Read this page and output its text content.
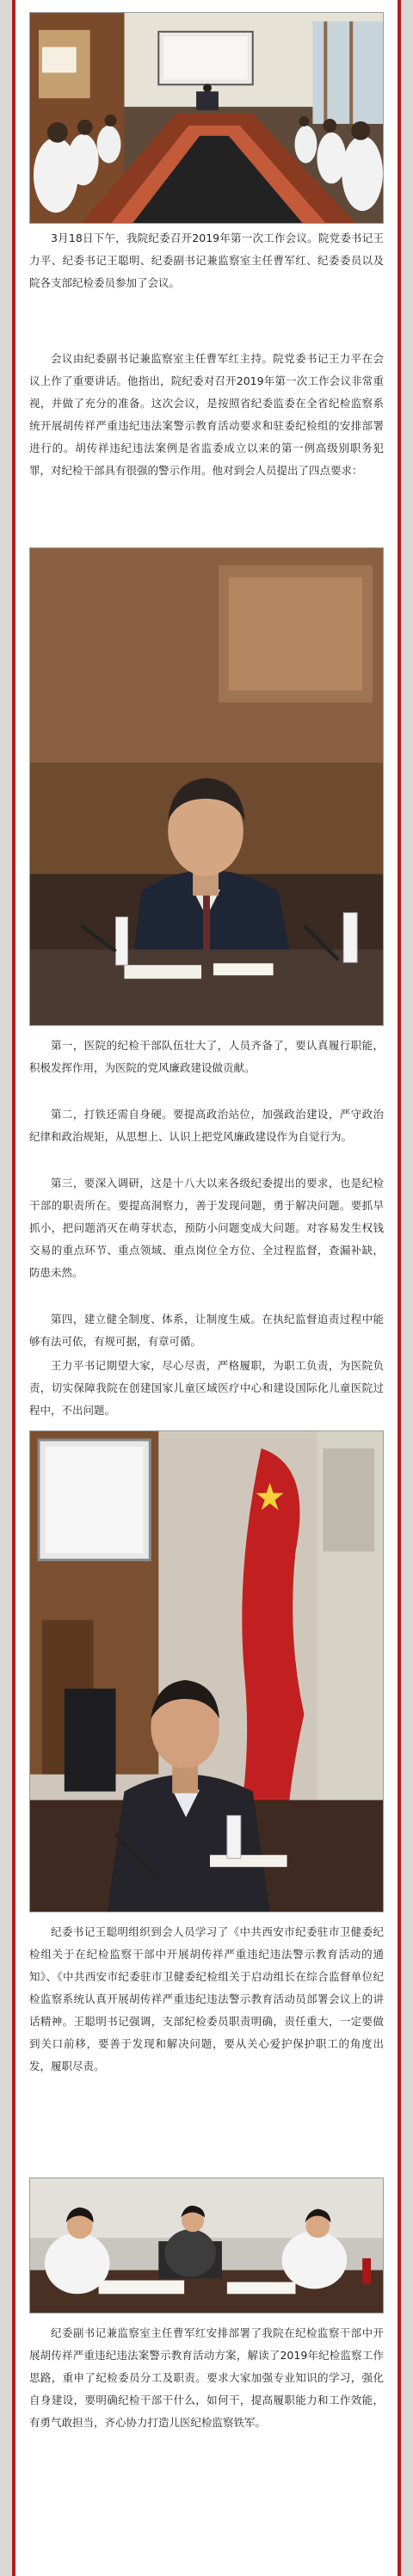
3月18日下午，我院纪委召开2019年第一次工作会议。院党委书记王力平、纪委书记王聪明、纪委副书记兼监察室主任曹军红、纪委委员以及院各支部纪检委员参加了会议。

会议由纪委副书记兼监察室主任曹军红主持。院党委书记王力平在会议上作了重要讲话。他指出，院纪委对召开2019年第一次工作会议非常重视，并做了充分的准备。这次会议，是按照省纪委监委在全省纪检监察系统开展胡传祥严重违纪违法案警示教育活动要求和驻委纪检组的安排部署进行的。胡传祥违纪违法案例是省监委成立以来的第一例高级别职务犯罪，对纪检干部具有很强的警示作用。他对到会人员提出了四点要求：

第一，医院的纪检干部队伍壮大了，人员齐备了，要认真履行职能，积极发挥作用，为医院的党风廉政建设做贡献。

第二，打铁还需自身硬。要提高政治站位，加强政治建设，严守政治纪律和政治规矩，从思想上、认识上把党风廉政建设作为自觉行为。

第三，要深入调研，这是十八大以来各级纪委提出的要求，也是纪检干部的职责所在。要提高洞察力，善于发现问题，勇于解决问题。要抓早抓小，把问题消灭在萌芽状态，预防小问题变成大问题。对容易发生权钱交易的重点环节、重点领域、重点岗位全方位、全过程监督，查漏补缺，防患未然。

第四，建立健全制度、体系，让制度生威。在执纪监督追责过程中能够有法可依，有规可据，有章可循。

王力平书记期望大家，尽心尽责，严格履职，为职工负责，为医院负责，切实保障我院在创建国家儿童区域医疗中心和建设国际化儿童医院过程中，不出问题。

纪委书记王聪明组织到会人员学习了《中共西安市纪委驻市卫健委纪检组关于在纪检监察干部中开展胡传祥严重违纪违法警示教育活动的通知》、《中共西安市纪委驻市卫健委纪检组关于启动组长在综合监督单位纪检监察系统认真开展胡传祥严重违纪违法警示教育活动员部署会议上的讲话精神。王聪明书记强调，支部纪检委员职责明确，责任重大，一定要做到关口前移，要善于发现和解决问题，要从关心爱护保护职工的角度出发，履职尽责。

纪委副书记兼监察室主任曹军红安排部署了我院在纪检监察干部中开展胡传祥严重违纪违法案警示教育活动方案，解读了2019年纪检监察工作思路，重申了纪检委员分工及职责。要求大家加强专业知识的学习，强化自身建设，要明确纪检干部干什么，如何干，提高履职能力和工作效能，有勇气敢担当，齐心协力打造儿医纪检监察铁军。
